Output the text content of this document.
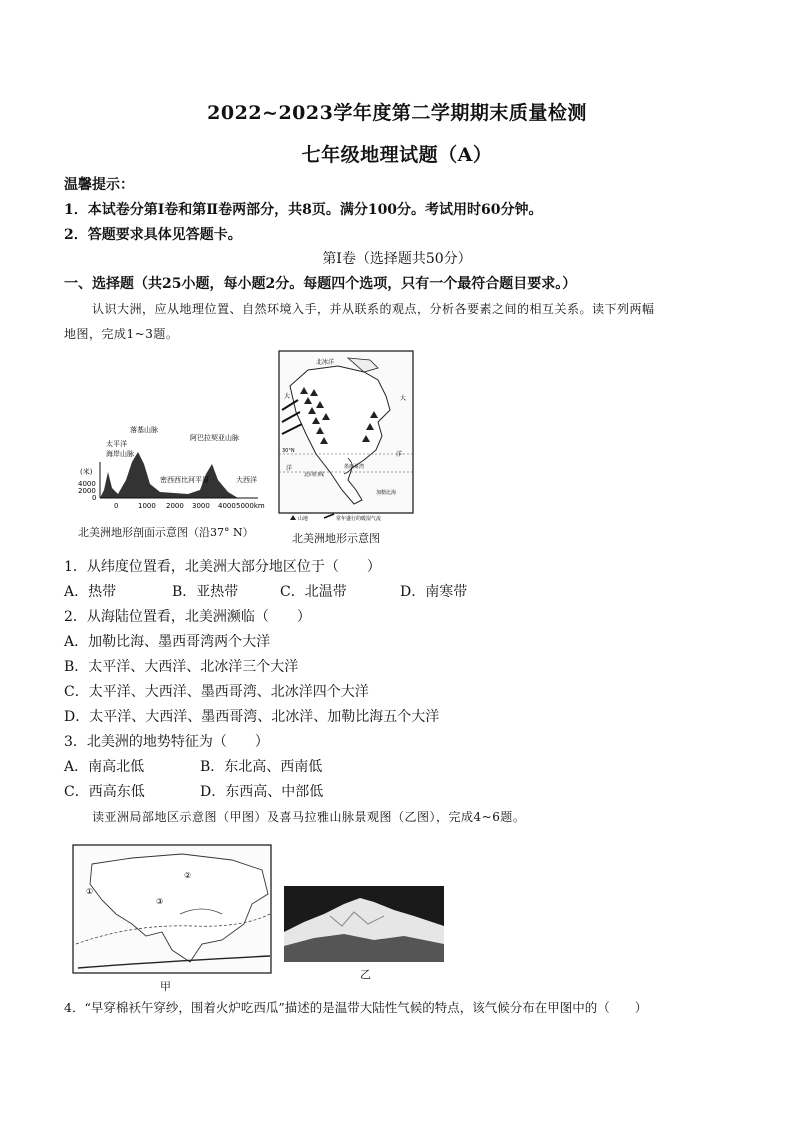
2022~2023学年度第二学期期末质量检测
七年级地理试题（A）
温馨提示：
1．本试卷分第Ⅰ卷和第Ⅱ卷两部分，共8页。满分100分。考试用时60分钟。
2．答题要求具体见答题卡。
第Ⅰ卷（选择题共50分）
一、选择题（共25小题，每小题2分。每题四个选项，只有一个最符合题目要求。）
认识大洲，应从地理位置、自然环境入手，并从联系的观点，分析各要素之间的相互关系。读下列两幅
地图，完成1~3题。
(米)
4000
2000
0
0	1000 2000 3000 4000 5000km
太平洋
海岸山脉
落基山脉
密西西比河平原
阿巴拉契亚山脉
大西洋
北美洲地形剖面示意图（沿37° N）
北冰洋
30°N
墨西哥湾
北回归线
加勒比海
大
洋
大
洋
山地	常年盛行的暖湿气流
北美洲地形示意图
1．从纬度位置看，北美洲大部分地区位于（　　）
A．热带	B．亚热带	C．北温带	D．南寒带
2．从海陆位置看，北美洲濒临（　　）
A．加勒比海、墨西哥湾两个大洋
B．太平洋、大西洋、北冰洋三个大洋
C．太平洋、大西洋、墨西哥湾、北冰洋四个大洋
D．太平洋、大西洋、墨西哥湾、北冰洋、加勒比海五个大洋
3．北美洲的地势特征为（　　）
A．南高北低	B．东北高、西南低
C．西高东低	D．东西高、中部低
读亚洲局部地区示意图（甲图）及喜马拉雅山脉景观图（乙图），完成4~6题。
①
②
③
甲
乙
4．“早穿棉袄午穿纱，围着火炉吃西瓜”描述的是温带大陆性气候的特点，该气候分布在甲图中的（　　）
